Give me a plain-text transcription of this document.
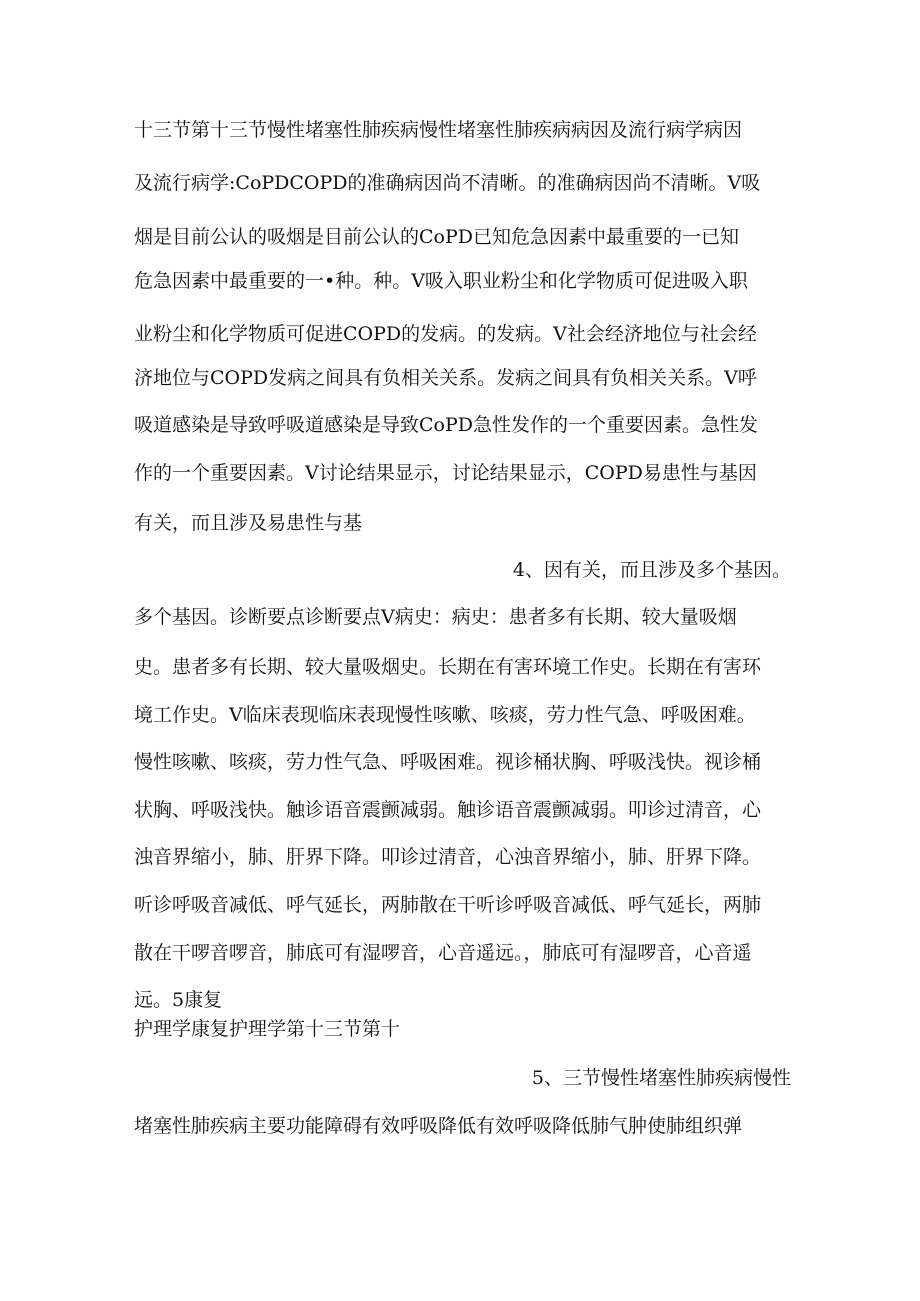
十三节第十三节慢性堵塞性肺疾病慢性堵塞性肺疾病病因及流行病学病因
及流行病学:CoPDCOPD的准确病因尚不清晰。的准确病因尚不清晰。V吸
烟是目前公认的吸烟是目前公认的CoPD已知危急因素中最重要的一已知
危急因素中最重要的一•种。种。V吸入职业粉尘和化学物质可促进吸入职
业粉尘和化学物质可促进COPD的发病。的发病。V社会经济地位与社会经
济地位与COPD发病之间具有负相关关系。发病之间具有负相关关系。V呼
吸道感染是导致呼吸道感染是导致CoPD急性发作的一个重要因素。急性发
作的一个重要因素。V讨论结果显示，讨论结果显示，COPD易患性与基因
有关，而且涉及易患性与基
4、因有关，而且涉及多个基因。
多个基因。诊断要点诊断要点V病史：病史：患者多有长期、较大量吸烟
史。患者多有长期、较大量吸烟史。长期在有害环境工作史。长期在有害环
境工作史。V临床表现临床表现慢性咳嗽、咳痰，劳力性气急、呼吸困难。
慢性咳嗽、咳痰，劳力性气急、呼吸困难。视诊桶状胸、呼吸浅快。视诊桶
状胸、呼吸浅快。触诊语音震颤减弱。触诊语音震颤减弱。叩诊过清音，心
浊音界缩小，肺、肝界下降。叩诊过清音，心浊音界缩小，肺、肝界下降。
听诊呼吸音减低、呼气延长，两肺散在干听诊呼吸音减低、呼气延长，两肺
散在干啰音啰音，肺底可有湿啰音，心音遥远。，肺底可有湿啰音，心音遥
远。5康复
护理学康复护理学第十三节第十
5、三节慢性堵塞性肺疾病慢性
堵塞性肺疾病主要功能障碍有效呼吸降低有效呼吸降低肺气肿使肺组织弹
